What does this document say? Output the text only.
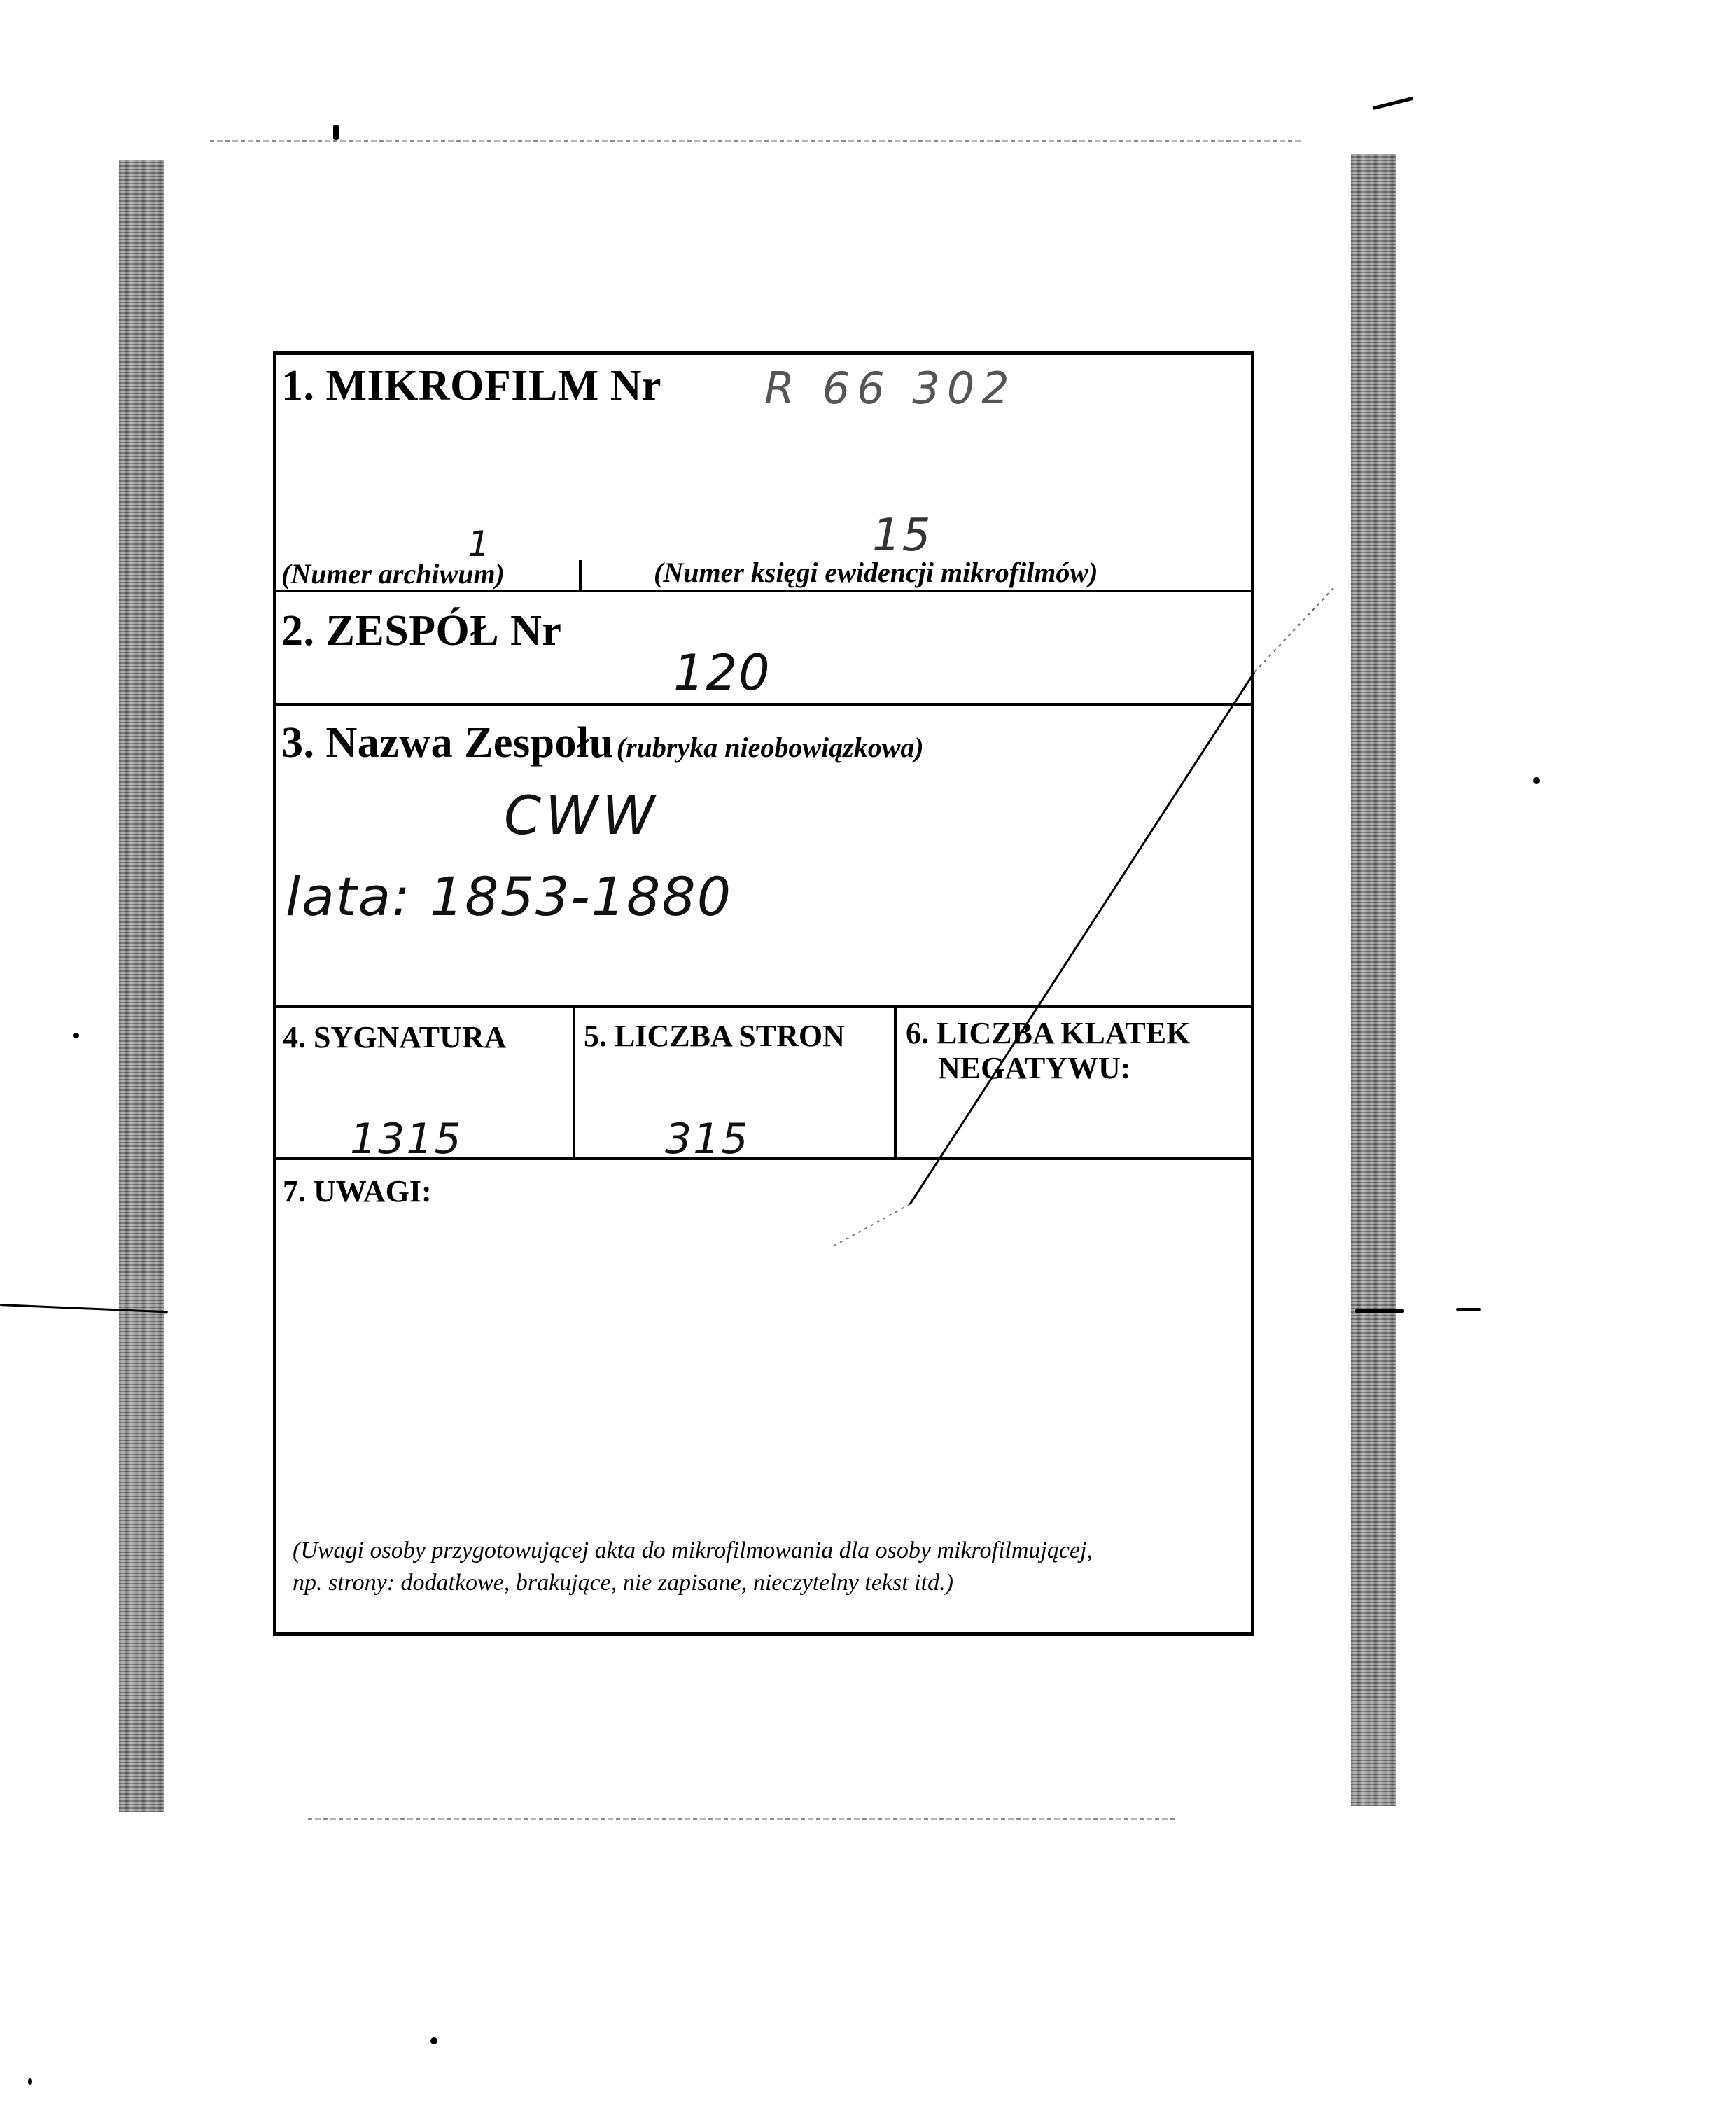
1. MIKROFILM Nr R 66 302
1	15
(Numer archiwum)	(Numer księgi ewidencji mikrofilmów)
2. ZESPÓŁ Nr
120
3. Nazwa Zespołu (rubryka nieobowiązkowa)
CWW
lata: 1853-1880
4. SYGNATURA
1315
5. LICZBA STRON
315
6. LICZBA KLATEK
NEGATYWU:
7. UWAGI:
(Uwagi osoby przygotowującej akta do mikrofilmowania dla osoby mikrofilmującej,
np. strony: dodatkowe, brakujące, nie zapisane, nieczytelny tekst itd.)
